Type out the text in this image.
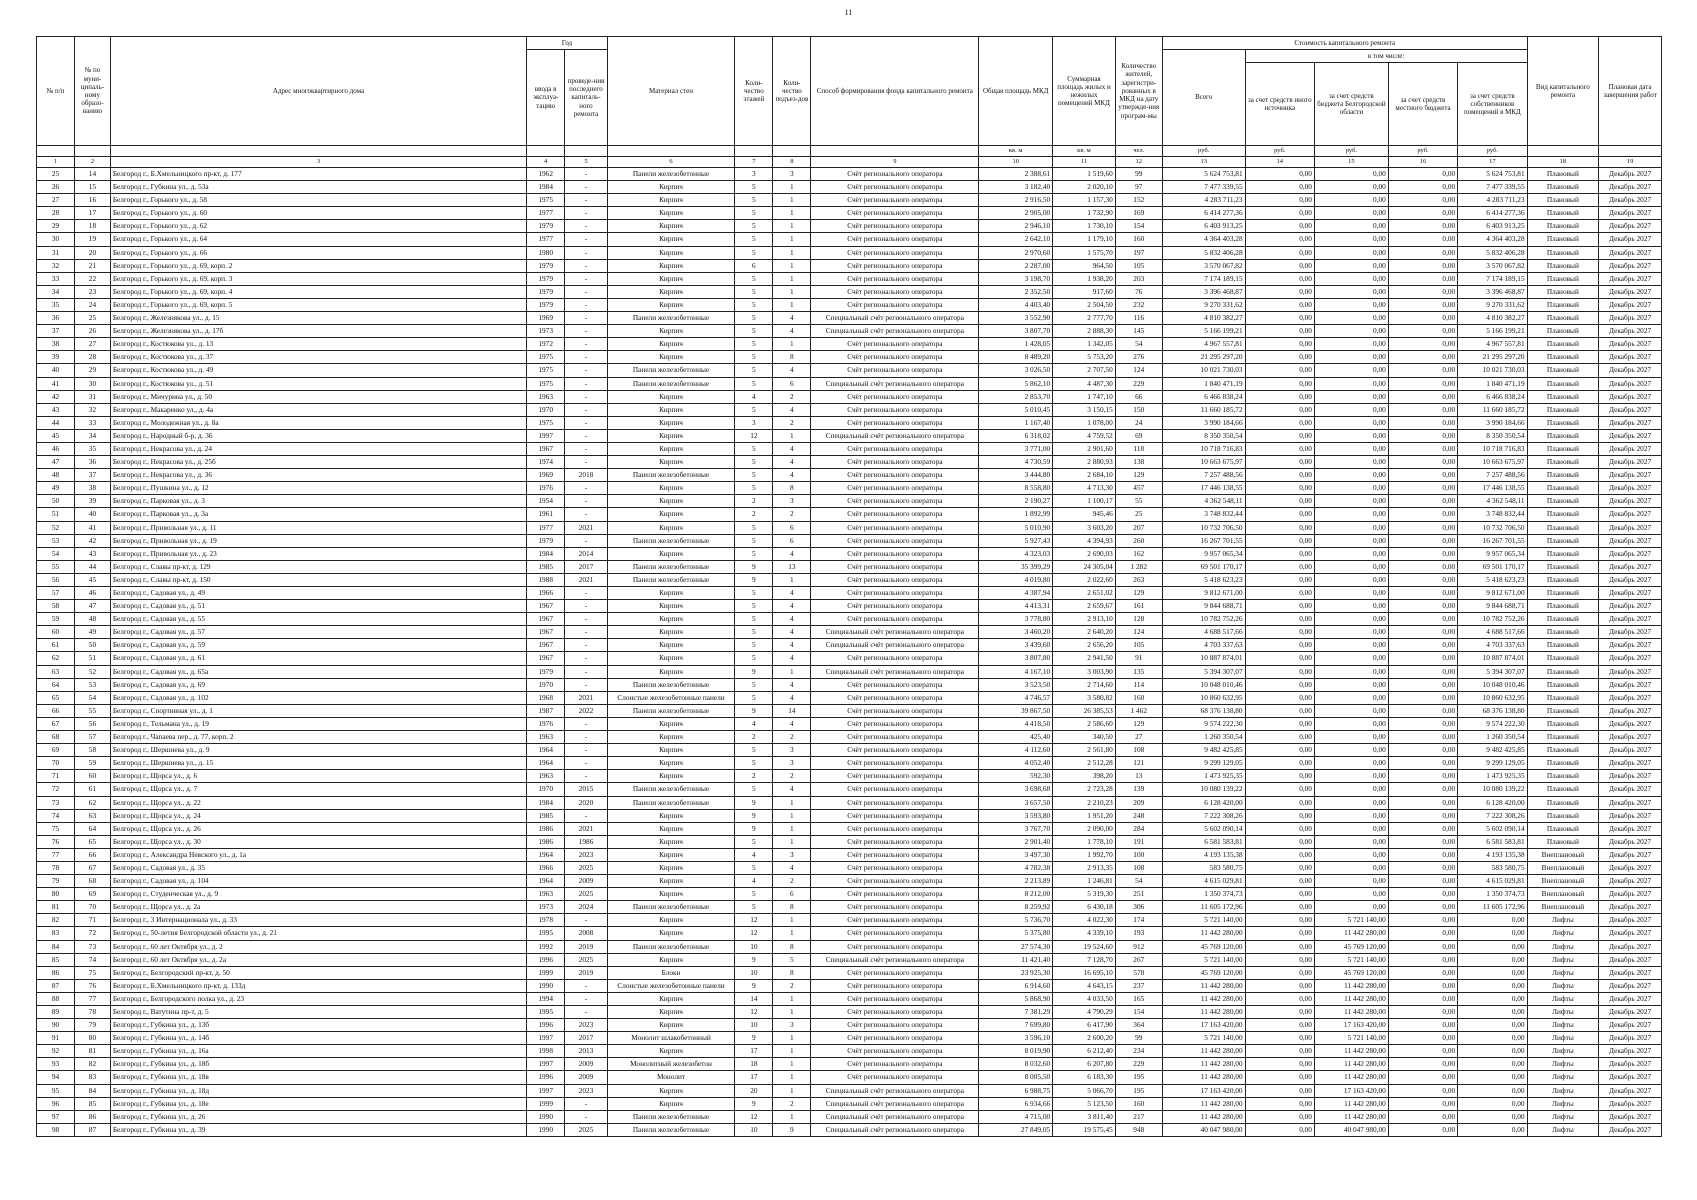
11
№ п/п	№ по муни-ципаль-ному образо-ванию	Адрес многоквартирного дома	Год		Материал стен	Коли-чество этажей	Коли-чество подъез-дов	Способ формирования фонда капитального ремонта	Общая площадь МКД	Суммарная площадь жилых и нежилых помещений МКД	Количество жителей, зарегистри-рованных в МКД на дату утвержде-ния програм-мы	Стоимость капитального ремонта					Вид капитального ремонта	Плановая дата завершения работ
			ввода в эксплуа-тацию	проведе-ния последнего капиталь-ного ремонта								Всего	в том числе:					
													за счет средств иного источника	за счет средств бюджета Белгородской области	за счет средств местного бюджета	за счет средств собственников помещений в МКД		
									кв. м	кв. м	чел.	руб.	руб.	руб.	руб.	руб.		
1	2	3	4	5	6	7	8	9	10	11	12	13	14	15	16	17	18	19
25	14	Белгород г., Б.Хмельницкого пр-кт, д. 177	1962	-	Панели железобетонные	3	3	Счёт регионального оператора	2 388,61	1 519,60	99	5 624 753,81	0,00	0,00	0,00	5 624 753,81	Плановый	Декабрь 2027
26	15	Белгород г., Губкина ул., д. 53а	1984	-	Кирпич	5	1	Счёт регионального оператора	3 182,40	2 020,10	97	7 477 339,55	0,00	0,00	0,00	7 477 339,55	Плановый	Декабрь 2027
27	16	Белгород г., Горького ул., д. 58	1975	-	Кирпич	5	1	Счёт регионального оператора	2 916,50	1 157,30	152	4 283 711,23	0,00	0,00	0,00	4 283 711,23	Плановый	Декабрь 2027
28	17	Белгород г., Горького ул., д. 60	1977	-	Кирпич	5	1	Счёт регионального оператора	2 905,00	1 732,90	169	6 414 277,36	0,00	0,00	0,00	6 414 277,36	Плановый	Декабрь 2027
29	18	Белгород г., Горького ул., д. 62	1979	-	Кирпич	5	1	Счёт регионального оператора	2 946,10	1 730,10	154	6 403 913,25	0,00	0,00	0,00	6 403 913,25	Плановый	Декабрь 2027
30	19	Белгород г., Горького ул., д. 64	1977	-	Кирпич	5	1	Счёт регионального оператора	2 642,10	1 179,10	160	4 364 403,28	0,00	0,00	0,00	4 364 403,28	Плановый	Декабрь 2027
31	20	Белгород г., Горького ул., д. 66	1980	-	Кирпич	5	1	Счёт регионального оператора	2 970,60	1 575,70	197	5 832 406,28	0,00	0,00	0,00	5 832 406,28	Плановый	Декабрь 2027
32	21	Белгород г., Горького ул., д. 69, корп. 2	1979	-	Кирпич	6	1	Счёт регионального оператора	2 287,00	964,50	105	3 570 067,82	0,00	0,00	0,00	3 570 067,82	Плановый	Декабрь 2027
33	22	Белгород г., Горького ул., д. 69, корп. 3	1979	-	Кирпич	5	1	Счёт регионального оператора	3 198,70	1 938,20	203	7 174 189,15	0,00	0,00	0,00	7 174 189,15	Плановый	Декабрь 2027
34	23	Белгород г., Горького ул., д. 69, корп. 4	1979	-	Кирпич	5	1	Счёт регионального оператора	2 352,50	917,60	76	3 396 468,87	0,00	0,00	0,00	3 396 468,87	Плановый	Декабрь 2027
35	24	Белгород г., Горького ул., д. 69, корп. 5	1979	-	Кирпич	5	1	Счёт регионального оператора	4 403,40	2 504,50	232	9 270 331,62	0,00	0,00	0,00	9 270 331,62	Плановый	Декабрь 2027
36	25	Белгород г., Железнякова ул., д. 15	1969	-	Панели железобетонные	5	4	Специальный счёт регионального оператора	3 552,90	2 777,70	116	4 810 382,27	0,00	0,00	0,00	4 810 382,27	Плановый	Декабрь 2027
37	26	Белгород г., Железнякова ул., д. 17б	1973	-	Кирпич	5	4	Специальный счёт регионального оператора	3 807,70	2 888,30	145	5 166 199,21	0,00	0,00	0,00	5 166 199,21	Плановый	Декабрь 2027
38	27	Белгород г., Костюкова ул., д. 13	1972	-	Кирпич	5	1	Счёт регионального оператора	1 428,05	1 342,05	54	4 967 557,81	0,00	0,00	0,00	4 967 557,81	Плановый	Декабрь 2027
39	28	Белгород г., Костюкова ул., д. 37	1975	-	Кирпич	5	8	Счёт регионального оператора	8 489,20	5 753,20	276	21 295 297,20	0,00	0,00	0,00	21 295 297,20	Плановый	Декабрь 2027
40	29	Белгород г., Костюкова ул., д. 49	1975	-	Панели железобетонные	5	4	Счёт регионального оператора	3 026,50	2 707,50	124	10 021 730,03	0,00	0,00	0,00	10 021 730,03	Плановый	Декабрь 2027
41	30	Белгород г., Костюкова ул., д. 51	1975	-	Панели железобетонные	5	6	Специальный счёт регионального оператора	5 862,10	4 487,30	229	1 840 471,19	0,00	0,00	0,00	1 840 471,19	Плановый	Декабрь 2027
42	31	Белгород г., Мичурина ул., д. 50	1963	-	Кирпич	4	2	Счёт регионального оператора	2 853,70	1 747,10	66	6 466 838,24	0,00	0,00	0,00	6 466 838,24	Плановый	Декабрь 2027
43	32	Белгород г., Макаренко ул., д. 4а	1970	-	Кирпич	5	4	Счёт регионального оператора	5 010,45	3 150,15	150	11 660 185,72	0,00	0,00	0,00	11 660 185,72	Плановый	Декабрь 2027
44	33	Белгород г., Молодежная ул., д. 8а	1975	-	Кирпич	3	2	Счёт регионального оператора	1 167,40	1 078,00	24	3 990 184,66	0,00	0,00	0,00	3 990 184,66	Плановый	Декабрь 2027
45	34	Белгород г., Народный б-р, д. 36	1997	-	Кирпич	12	1	Специальный счёт регионального оператора	6 318,02	4 759,52	69	8 350 350,54	0,00	0,00	0,00	8 350 350,54	Плановый	Декабрь 2027
46	35	Белгород г., Некрасова ул., д. 24	1967	-	Кирпич	5	4	Счёт регионального оператора	3 771,00	2 901,60	118	10 718 716,83	0,00	0,00	0,00	10 718 716,83	Плановый	Декабрь 2027
47	36	Белгород г., Некрасова ул., д. 25б	1974	-	Кирпич	5	4	Счёт регионального оператора	4 730,59	2 880,93	138	10 663 675,97	0,00	0,00	0,00	10 663 675,97	Плановый	Декабрь 2027
48	37	Белгород г., Некрасова ул., д. 36	1969	2018	Панели железобетонные	5	4	Счёт регионального оператора	3 444,80	2 684,10	129	7 257 488,56	0,00	0,00	0,00	7 257 488,56	Плановый	Декабрь 2027
49	38	Белгород г., Пушкина ул., д. 12	1976	-	Кирпич	5	8	Счёт регионального оператора	8 558,80	4 713,30	457	17 446 138,55	0,00	0,00	0,00	17 446 138,55	Плановый	Декабрь 2027
50	39	Белгород г., Парковая ул., д. 3	1954	-	Кирпич	2	3	Счёт регионального оператора	2 190,27	1 100,17	55	4 362 548,11	0,00	0,00	0,00	4 362 548,11	Плановый	Декабрь 2027
51	40	Белгород г., Парковая ул., д. 3а	1961	-	Кирпич	2	2	Счёт регионального оператора	1 892,99	945,46	25	3 748 832,44	0,00	0,00	0,00	3 748 832,44	Плановый	Декабрь 2027
52	41	Белгород г., Привольная ул., д. 11	1977	2021	Кирпич	5	6	Счёт регионального оператора	5 010,90	3 603,20	207	10 732 706,50	0,00	0,00	0,00	10 732 706,50	Плановый	Декабрь 2027
53	42	Белгород г., Привольная ул., д. 19	1979	-	Панели железобетонные	5	6	Счёт регионального оператора	5 927,43	4 394,93	260	16 267 701,55	0,00	0,00	0,00	16 267 701,55	Плановый	Декабрь 2027
54	43	Белгород г., Привольная ул., д. 23	1984	2014	Кирпич	5	4	Счёт регионального оператора	4 323,03	2 690,03	162	9 957 065,34	0,00	0,00	0,00	9 957 065,34	Плановый	Декабрь 2027
55	44	Белгород г., Славы пр-кт, д. 129	1985	2017	Панели железобетонные	9	13	Счёт регионального оператора	35 399,29	24 305,04	1 282	69 501 170,17	0,00	0,00	0,00	69 501 170,17	Плановый	Декабрь 2027
56	45	Белгород г., Славы пр-кт, д. 150	1988	2021	Панели железобетонные	9	1	Счёт регионального оператора	4 019,80	2 022,60	263	5 418 623,23	0,00	0,00	0,00	5 418 623,23	Плановый	Декабрь 2027
57	46	Белгород г., Садовая ул., д. 49	1966	-	Кирпич	5	4	Счёт регионального оператора	4 387,94	2 651,02	129	9 812 671,00	0,00	0,00	0,00	9 812 671,00	Плановый	Декабрь 2027
58	47	Белгород г., Садовая ул., д. 51	1967	-	Кирпич	5	4	Счёт регионального оператора	4 413,31	2 659,67	161	9 844 688,71	0,00	0,00	0,00	9 844 688,71	Плановый	Декабрь 2027
59	48	Белгород г., Садовая ул., д. 55	1967	-	Кирпич	5	4	Счёт регионального оператора	3 778,80	2 913,10	128	10 782 752,26	0,00	0,00	0,00	10 782 752,26	Плановый	Декабрь 2027
60	49	Белгород г., Садовая ул., д. 57	1967	-	Кирпич	5	4	Специальный счёт регионального оператора	3 460,20	2 640,20	124	4 688 517,66	0,00	0,00	0,00	4 688 517,66	Плановый	Декабрь 2027
61	50	Белгород г., Садовая ул., д. 59	1967	-	Кирпич	5	4	Специальный счёт регионального оператора	3 439,60	2 656,20	105	4 703 337,63	0,00	0,00	0,00	4 703 337,63	Плановый	Декабрь 2027
62	51	Белгород г., Садовая ул., д. 61	1967	-	Кирпич	5	4	Счёт регионального оператора	3 807,80	2 941,50	91	10 887 874,01	0,00	0,00	0,00	10 887 874,01	Плановый	Декабрь 2027
63	52	Белгород г., Садовая ул., д. 65а	1979	-	Кирпич	9	1	Специальный счёт регионального оператора	4 167,10	3 003,90	135	5 394 307,07	0,00	0,00	0,00	5 394 307,07	Плановый	Декабрь 2027
64	53	Белгород г., Садовая ул., д. 69	1970	-	Панели железобетонные	5	4	Счёт регионального оператора	3 523,50	2 714,60	114	10 048 010,46	0,00	0,00	0,00	10 048 010,46	Плановый	Декабрь 2027
65	54	Белгород г., Садовая ул., д. 102	1968	2021	Слоистые железобетонные панели	5	4	Счёт регионального оператора	4 746,57	3 580,82	160	10 860 632,95	0,00	0,00	0,00	10 860 632,95	Плановый	Декабрь 2027
66	55	Белгород г., Спортивная ул., д. 1	1987	2022	Панели железобетонные	9	14	Счёт регионального оператора	39 867,50	26 385,53	1 462	68 376 138,80	0,00	0,00	0,00	68 376 138,80	Плановый	Декабрь 2027
67	56	Белгород г., Тельмана ул., д. 19	1976	-	Кирпич	4	4	Счёт регионального оператора	4 418,50	2 586,60	129	9 574 222,30	0,00	0,00	0,00	9 574 222,30	Плановый	Декабрь 2027
68	57	Белгород г., Чапаева пер., д. 77, корп. 2	1963	-	Кирпич	2	2	Счёт регионального оператора	425,40	340,50	27	1 260 350,54	0,00	0,00	0,00	1 260 350,54	Плановый	Декабрь 2027
69	58	Белгород г., Шершнева ул., д. 9	1964	-	Кирпич	5	3	Счёт регионального оператора	4 112,60	2 561,80	108	9 482 425,85	0,00	0,00	0,00	9 482 425,85	Плановый	Декабрь 2027
70	59	Белгород г., Шершнева ул., д. 15	1964	-	Кирпич	5	3	Счёт регионального оператора	4 052,40	2 512,28	121	9 299 129,05	0,00	0,00	0,00	9 299 129,05	Плановый	Декабрь 2027
71	60	Белгород г., Щорса ул., д. 6	1963	-	Кирпич	2	2	Счёт регионального оператора	592,30	398,20	13	1 473 925,35	0,00	0,00	0,00	1 473 925,35	Плановый	Декабрь 2027
72	61	Белгород г., Щорса ул., д. 7	1970	2015	Панели железобетонные	5	4	Счёт регионального оператора	3 698,68	2 723,28	139	10 080 139,22	0,00	0,00	0,00	10 080 139,22	Плановый	Декабрь 2027
73	62	Белгород г., Щорса ул., д. 22	1984	2020	Панели железобетонные	9	1	Счёт регионального оператора	3 657,50	2 210,23	209	6 128 420,00	0,00	0,00	0,00	6 128 420,00	Плановый	Декабрь 2027
74	63	Белгород г., Щорса ул., д. 24	1985	-	Кирпич	9	1	Счёт регионального оператора	3 593,80	1 951,20	248	7 222 308,26	0,00	0,00	0,00	7 222 308,26	Плановый	Декабрь 2027
75	64	Белгород г., Щорса ул., д. 26	1986	2021	Кирпич	9	1	Счёт регионального оператора	3 767,70	2 090,00	284	5 602 090,14	0,00	0,00	0,00	5 602 090,14	Плановый	Декабрь 2027
76	65	Белгород г., Щорса ул., д. 30	1986	1986	Кирпич	5	1	Счёт регионального оператора	2 901,40	1 778,10	191	6 581 583,81	0,00	0,00	0,00	6 581 583,81	Плановый	Декабрь 2027
77	66	Белгород г., Александра Невского ул., д. 1а	1964	2023	Кирпич	4	3	Счёт регионального оператора	3 497,30	1 992,70	100	4 193 135,38	0,00	0,00	0,00	4 193 135,38	Внеплановый	Декабрь 2027
78	67	Белгород г., Садовая ул., д. 35	1966	2025	Кирпич	5	4	Счёт регионального оператора	4 782,38	2 913,35	108	583 580,75	0,00	0,00	0,00	583 580,75	Внеплановый	Декабрь 2027
79	68	Белгород г., Садовая ул., д. 104	1964	2009	Кирпич	4	2	Счёт регионального оператора	2 213,89	1 246,81	54	4 615 029,81	0,00	0,00	0,00	4 615 029,81	Внеплановый	Декабрь 2027
80	69	Белгород г., Студенческая ул., д. 9	1963	2025	Кирпич	5	6	Счёт регионального оператора	8 212,00	5 319,30	251	1 350 374,73	0,00	0,00	0,00	1 350 374,73	Внеплановый	Декабрь 2027
81	70	Белгород г., Щорса ул., д. 2а	1973	2024	Панели железобетонные	5	8	Счёт регионального оператора	8 259,92	6 430,18	306	11 605 172,96	0,00	0,00	0,00	11 605 172,96	Внеплановый	Декабрь 2027
82	71	Белгород г., 3 Интернационала ул., д. 33	1978	-	Кирпич	12	1	Счёт регионального оператора	5 736,70	4 022,30	174	5 721 140,00	0,00	5 721 140,00	0,00	0,00	Лифты	Декабрь 2027
83	72	Белгород г., 50-летия Белгородской области ул., д. 21	1995	2008	Кирпич	12	1	Счёт регионального оператора	5 375,80	4 339,10	193	11 442 280,00	0,00	11 442 280,00	0,00	0,00	Лифты	Декабрь 2027
84	73	Белгород г., 60 лет Октября ул., д. 2	1992	2019	Панели железобетонные	10	8	Счёт регионального оператора	27 574,30	19 524,60	912	45 769 120,00	0,00	45 769 120,00	0,00	0,00	Лифты	Декабрь 2027
85	74	Белгород г., 60 лет Октября ул., д. 2а	1996	2025	Кирпич	9	5	Специальный счёт регионального оператора	11 421,40	7 128,70	267	5 721 140,00	0,00	5 721 140,00	0,00	0,00	Лифты	Декабрь 2027
86	75	Белгород г., Белгородский пр-кт, д. 50	1999	2019	Блоки	10	8	Счёт регионального оператора	23 925,30	16 695,10	578	45 769 120,00	0,00	45 769 120,00	0,00	0,00	Лифты	Декабрь 2027
87	76	Белгород г., Б.Хмельницкого пр-кт, д. 133д	1990	-	Слоистые железобетонные панели	9	2	Счёт регионального оператора	6 914,60	4 643,15	237	11 442 280,00	0,00	11 442 280,00	0,00	0,00	Лифты	Декабрь 2027
88	77	Белгород г., Белгородского полка ул., д. 23	1994	-	Кирпич	14	1	Счёт регионального оператора	5 868,90	4 033,50	165	11 442 280,00	0,00	11 442 280,00	0,00	0,00	Лифты	Декабрь 2027
89	78	Белгород г., Ватутина пр-т, д. 5	1995	-	Кирпич	12	1	Счёт регионального оператора	7 381,29	4 790,29	154	11 442 280,00	0,00	11 442 280,00	0,00	0,00	Лифты	Декабрь 2027
90	79	Белгород г., Губкина ул., д. 13б	1996	2023	Кирпич	10	3	Счёт регионального оператора	7 699,80	6 417,90	364	17 163 420,00	0,00	17 163 420,00	0,00	0,00	Лифты	Декабрь 2027
91	80	Белгород г., Губкина ул., д. 14б	1997	2017	Монолит шлакобетонный	9	1	Счёт регионального оператора	3 596,10	2 600,20	99	5 721 140,00	0,00	5 721 140,00	0,00	0,00	Лифты	Декабрь 2027
92	81	Белгород г., Губкина ул., д. 16а	1998	2013	Кирпич	17	1	Счёт регионального оператора	8 019,90	6 212,40	234	11 442 280,00	0,00	11 442 280,00	0,00	0,00	Лифты	Декабрь 2027
93	82	Белгород г., Губкина ул., д. 18б	1997	2009	Монолитный железобетон	18	1	Счёт регионального оператора	8 032,60	6 207,80	229	11 442 280,00	0,00	11 442 280,00	0,00	0,00	Лифты	Декабрь 2027
94	83	Белгород г., Губкина ул., д. 18в	1996	2009	Монолит	17	1	Счёт регионального оператора	8 005,50	6 183,30	195	11 442 280,00	0,00	11 442 280,00	0,00	0,00	Лифты	Декабрь 2027
95	84	Белгород г., Губкина ул., д. 18д	1997	2023	Кирпич	20	1	Специальный счёт регионального оператора	6 988,75	5 066,70	195	17 163 420,00	0,00	17 163 420,00	0,00	0,00	Лифты	Декабрь 2027
96	85	Белгород г., Губкина ул., д. 18е	1999	-	Кирпич	9	2	Специальный счёт регионального оператора	6 934,66	5 123,50	160	11 442 280,00	0,00	11 442 280,00	0,00	0,00	Лифты	Декабрь 2027
97	86	Белгород г., Губкина ул., д. 26	1990	-	Панели железобетонные	12	1	Специальный счёт регионального оператора	4 715,00	3 811,40	217	11 442 280,00	0,00	11 442 280,00	0,00	0,00	Лифты	Декабрь 2027
98	87	Белгород г., Губкина ул., д. 39	1990	2025	Панели железобетонные	10	9	Специальный счёт регионального оператора	27 849,05	19 575,45	948	40 047 980,00	0,00	40 047 980,00	0,00	0,00	Лифты	Декабрь 2027
